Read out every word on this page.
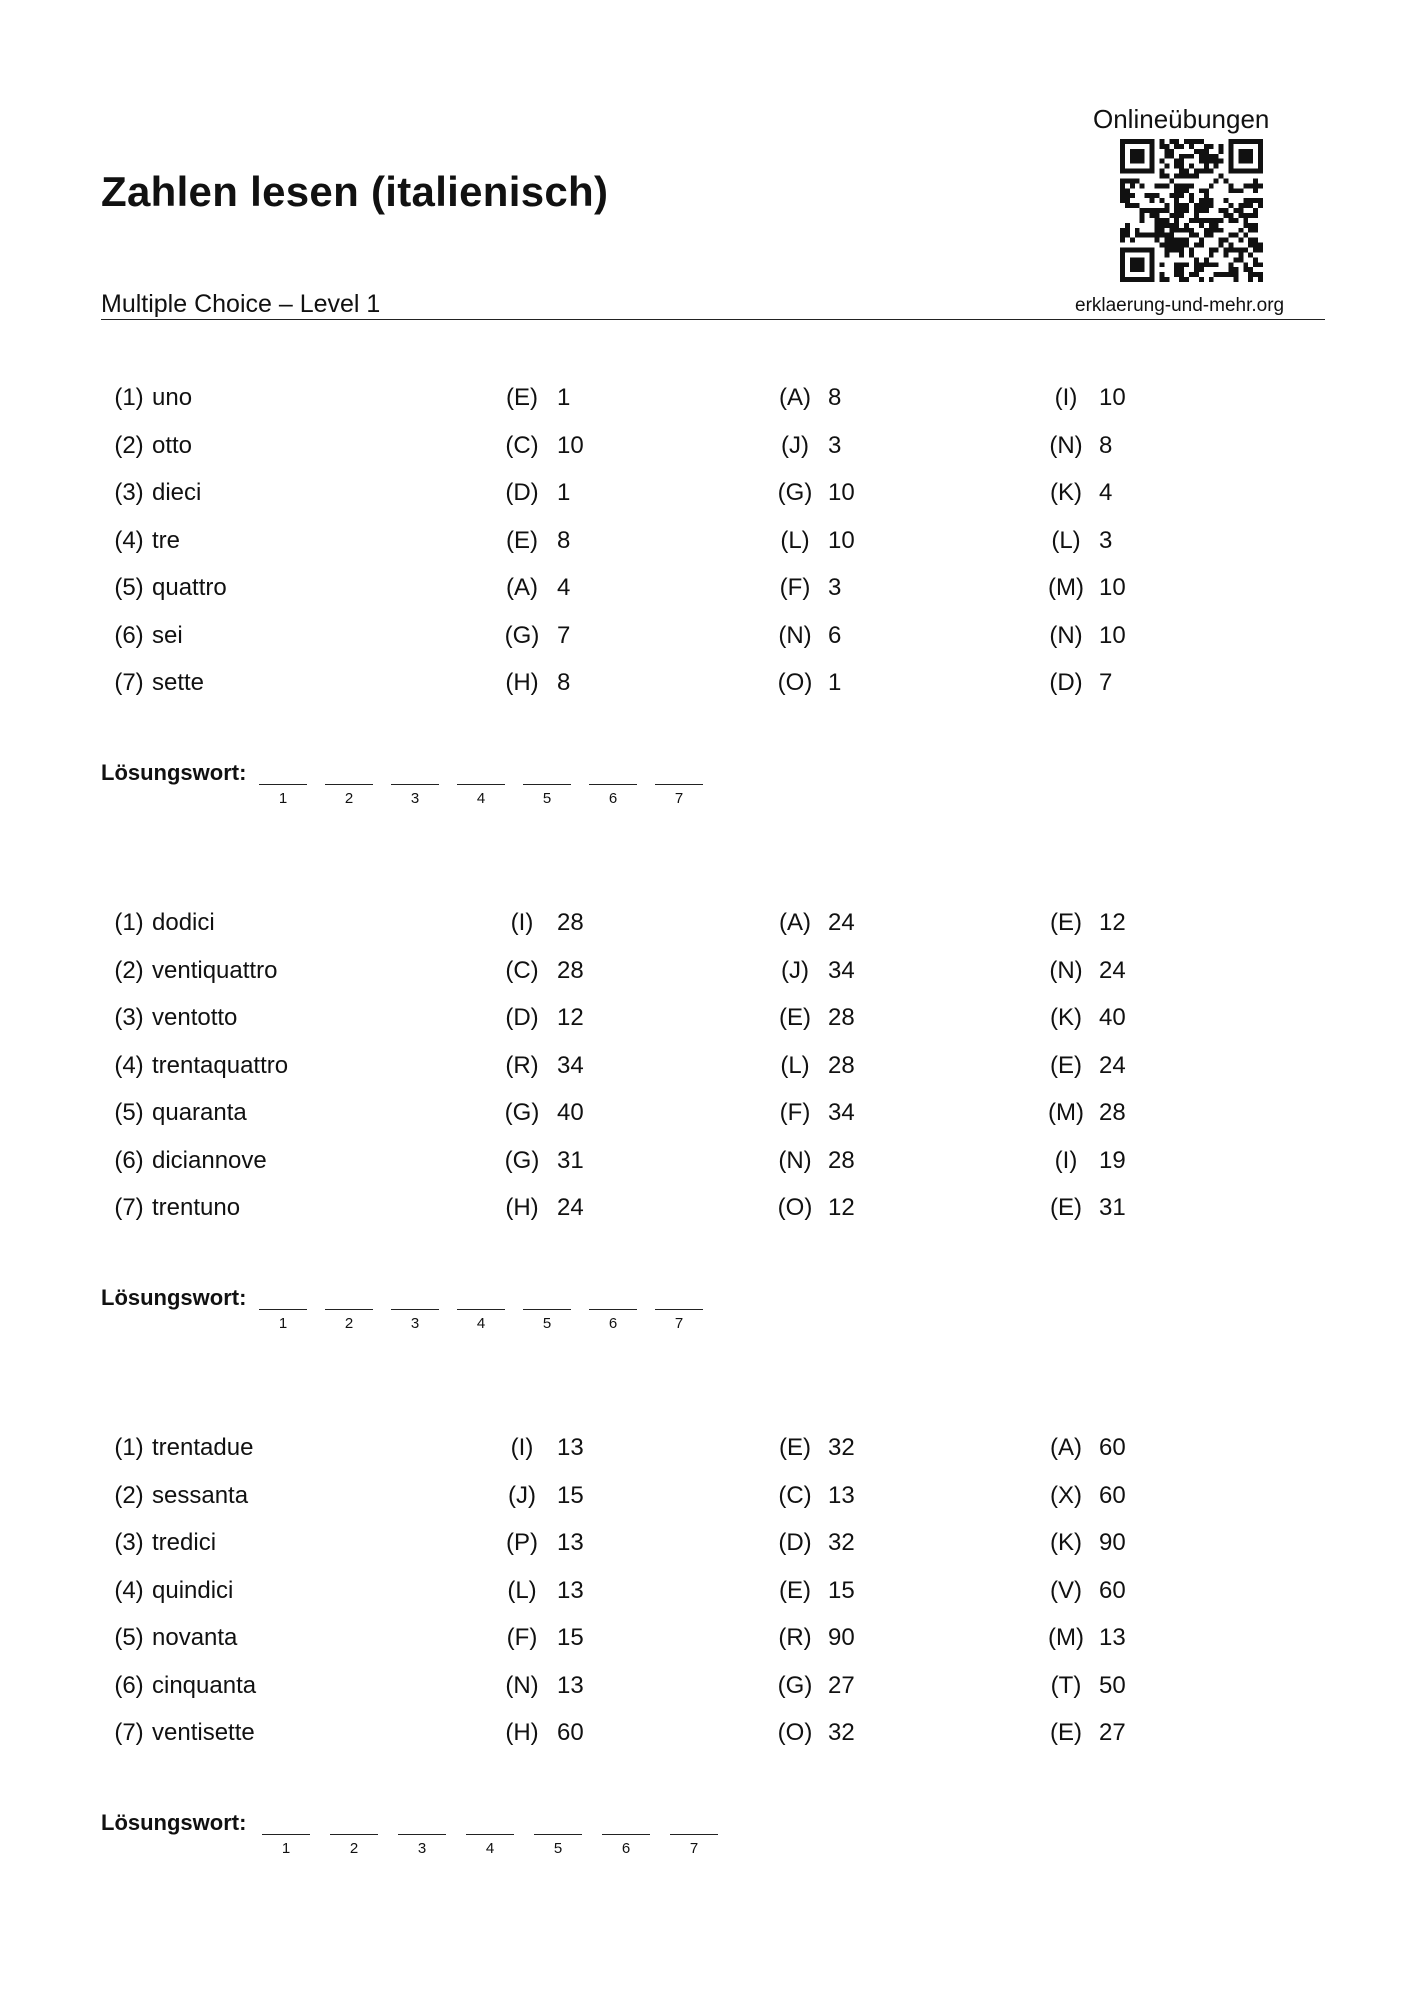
Zahlen lesen (italienisch)
Multiple Choice – Level 1
Onlineübungen
erklaerung-und-mehr.org
(1) uno	(E) 1	(A) 8	(I) 10
(2) otto	(C) 10	(J) 3	(N) 8
(3) dieci	(D) 1	(G) 10	(K) 4
(4) tre	(E) 8	(L) 10	(L) 3
(5) quattro	(A) 4	(F) 3	(M) 10
(6) sei	(G) 7	(N) 6	(N) 10
(7) sette	(H) 8	(O) 1	(D) 7
Lösungswort:
1	2	3	4	5	6	7
(1) dodici	(I) 28	(A) 24	(E) 12
(2) ventiquattro	(C) 28	(J) 34	(N) 24
(3) ventotto	(D) 12	(E) 28	(K) 40
(4) trentaquattro	(R) 34	(L) 28	(E) 24
(5) quaranta	(G) 40	(F) 34	(M) 28
(6) diciannove	(G) 31	(N) 28	(I) 19
(7) trentuno	(H) 24	(O) 12	(E) 31
Lösungswort:
1	2	3	4	5	6	7
(1) trentadue	(I) 13	(E) 32	(A) 60
(2) sessanta	(J) 15	(C) 13	(X) 60
(3) tredici	(P) 13	(D) 32	(K) 90
(4) quindici	(L) 13	(E) 15	(V) 60
(5) novanta	(F) 15	(R) 90	(M) 13
(6) cinquanta	(N) 13	(G) 27	(T) 50
(7) ventisette	(H) 60	(O) 32	(E) 27
Lösungswort:
1	2	3	4	5	6	7
